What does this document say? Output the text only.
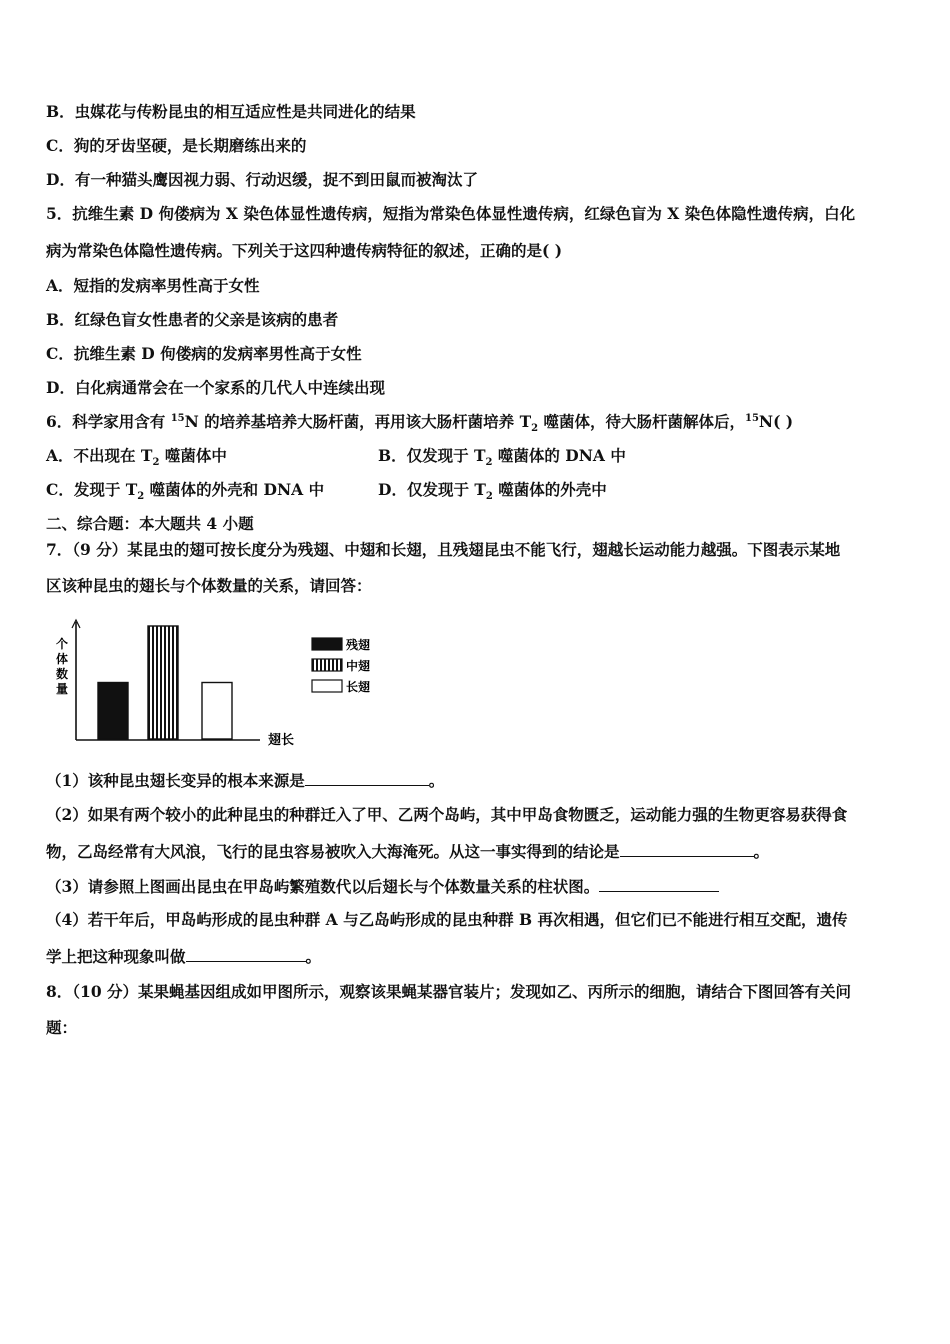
B．虫媒花与传粉昆虫的相互适应性是共同进化的结果
C．狗的牙齿坚硬，是长期磨练出来的
D．有一种猫头鹰因视力弱、行动迟缓，捉不到田鼠而被淘汰了
5．抗维生素 D 佝偻病为 X 染色体显性遗传病，短指为常染色体显性遗传病，红绿色盲为 X 染色体隐性遗传病，白化
病为常染色体隐性遗传病。下列关于这四种遗传病特征的叙述，正确的是( )
A．短指的发病率男性高于女性
B．红绿色盲女性患者的父亲是该病的患者
C．抗维生素 D 佝偻病的发病率男性高于女性
D．白化病通常会在一个家系的几代人中连续出现
6．科学家用含有 $^{15}$N 的培养基培养大肠杆菌，再用该大肠杆菌培养 $T_2$ 噬菌体，待大肠杆菌解体后，$^{15}$N( )
A．不出现在 $T_2$ 噬菌体中	B．仅发现于 $T_2$ 噬菌体的 DNA 中
C．发现于 $T_2$ 噬菌体的外壳和 DNA 中	D．仅发现于 $T_2$ 噬菌体的外壳中
二、综合题：本大题共 4 小题
7．（9 分）某昆虫的翅可按长度分为残翅、中翅和长翅，且残翅昆虫不能飞行，翅越长运动能力越强。下图表示某地
区该种昆虫的翅长与个体数量的关系，请回答：
个
体
数
量
翅长
残翅
中翅
长翅
（1）该种昆虫翅长变异的根本来源是	。
（2）如果有两个较小的此种昆虫的种群迁入了甲、乙两个岛屿，其中甲岛食物匮乏，运动能力强的生物更容易获得食
物，乙岛经常有大风浪，飞行的昆虫容易被吹入大海淹死。从这一事实得到的结论是	。
（3）请参照上图画出昆虫在甲岛屿繁殖数代以后翅长与个体数量关系的柱状图。
（4）若干年后，甲岛屿形成的昆虫种群 A 与乙岛屿形成的昆虫种群 B 再次相遇，但它们已不能进行相互交配，遗传
学上把这种现象叫做	。
8．（10 分）某果蝇基因组成如甲图所示，观察该果蝇某器官装片；发现如乙、丙所示的细胞，请结合下图回答有关问
题：
